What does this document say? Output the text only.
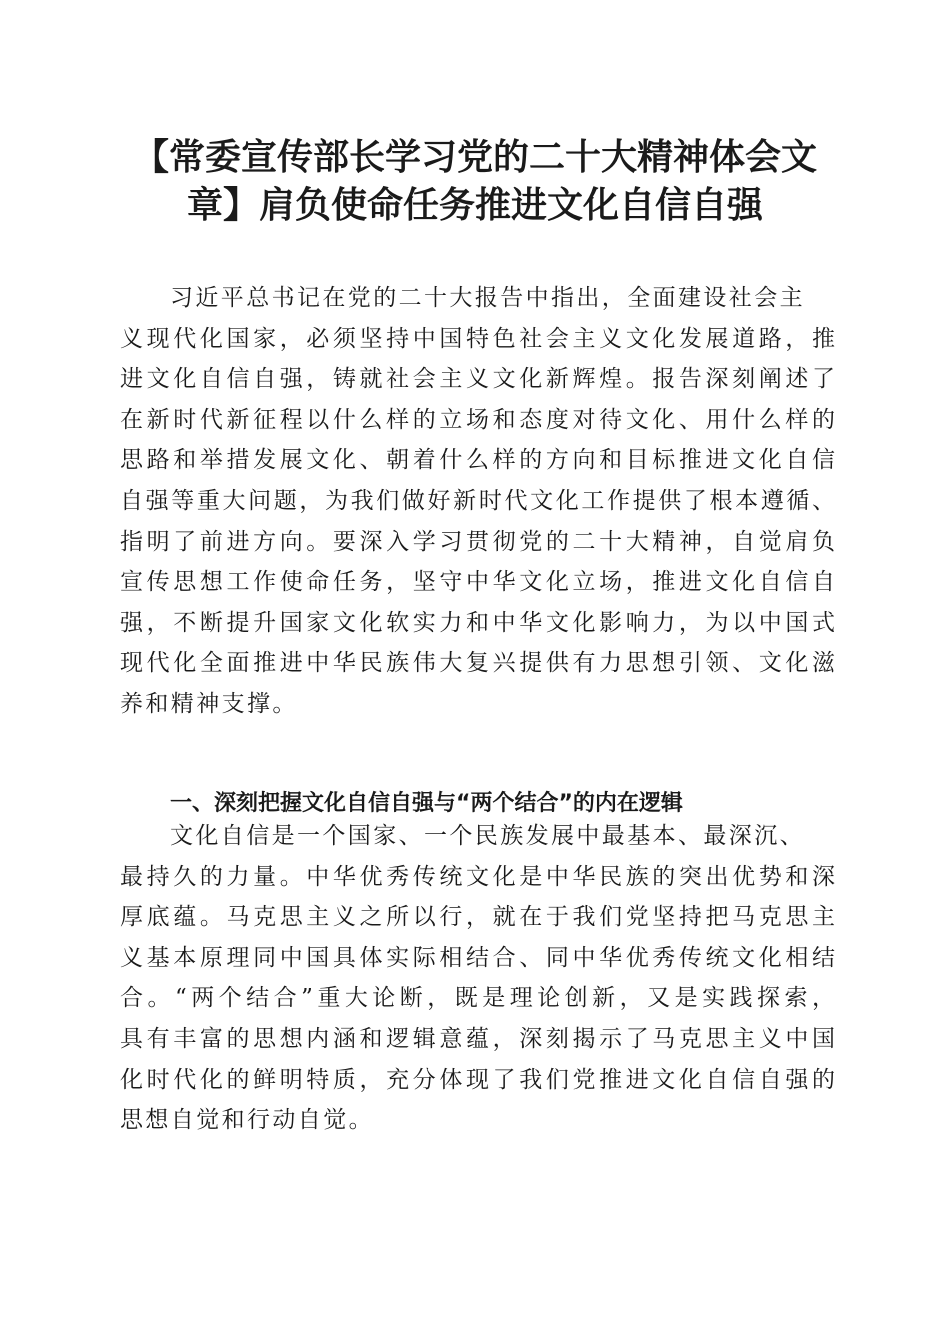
【常委宣传部长学习党的二十大精神体会文
章】肩负使命任务推进文化自信自强
习近平总书记在党的二十大报告中指出，全面建设社会主
义现代化国家，必须坚持中国特色社会主义文化发展道路，推
进文化自信自强，铸就社会主义文化新辉煌。报告深刻阐述了
在新时代新征程以什么样的立场和态度对待文化、用什么样的
思路和举措发展文化、朝着什么样的方向和目标推进文化自信
自强等重大问题，为我们做好新时代文化工作提供了根本遵循、
指明了前进方向。要深入学习贯彻党的二十大精神，自觉肩负
宣传思想工作使命任务，坚守中华文化立场，推进文化自信自
强，不断提升国家文化软实力和中华文化影响力，为以中国式
现代化全面推进中华民族伟大复兴提供有力思想引领、文化滋
养和精神支撑。
一、深刻把握文化自信自强与“两个结合”的内在逻辑
文化自信是一个国家、一个民族发展中最基本、最深沉、
最持久的力量。中华优秀传统文化是中华民族的突出优势和深
厚底蕴。马克思主义之所以行，就在于我们党坚持把马克思主
义基本原理同中国具体实际相结合、同中华优秀传统文化相结
合。“两个结合”重大论断，既是理论创新，又是实践探索，
具有丰富的思想内涵和逻辑意蕴，深刻揭示了马克思主义中国
化时代化的鲜明特质，充分体现了我们党推进文化自信自强的
思想自觉和行动自觉。
